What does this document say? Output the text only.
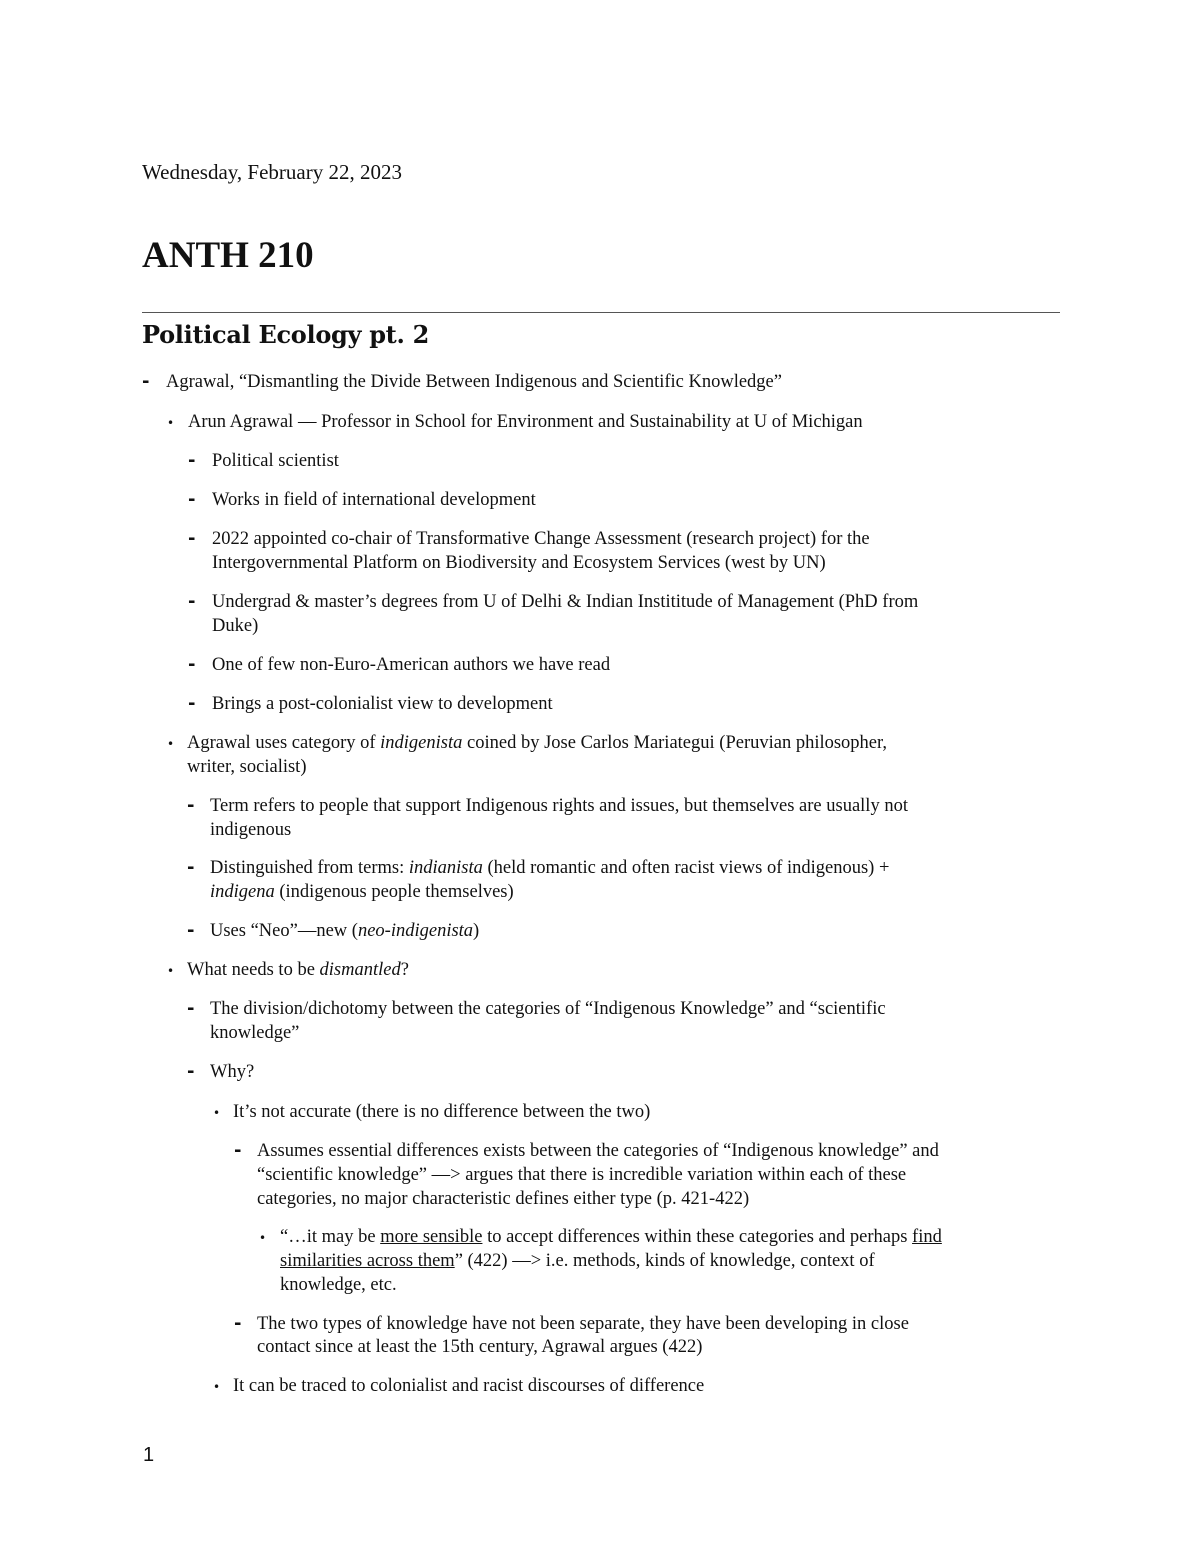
Wednesday, February 22, 2023
ANTH 210
Political Ecology pt. 2
- Agrawal, “Dismantling the Divide Between Indigenous and Scientific Knowledge”
• Arun Agrawal — Professor in School for Environment and Sustainability at U of Michigan
- Political scientist
- Works in field of international development
- 2022 appointed co-chair of Transformative Change Assessment (research project) for the
Intergovernmental Platform on Biodiversity and Ecosystem Services (west by UN)
- Undergrad & master’s degrees from U of Delhi & Indian Instititude of Management (PhD from
Duke)
- One of few non-Euro-American authors we have read
- Brings a post-colonialist view to development
• Agrawal uses category of indigenista coined by Jose Carlos Mariategui (Peruvian philosopher,
writer, socialist)
- Term refers to people that support Indigenous rights and issues, but themselves are usually not
indigenous
- Distinguished from terms: indianista (held romantic and often racist views of indigenous) +
indigena (indigenous people themselves)
- Uses “Neo”—new (neo-indigenista)
• What needs to be dismantled?
- The division/dichotomy between the categories of “Indigenous Knowledge” and “scientific
knowledge”
- Why?
• It’s not accurate (there is no difference between the two)
- Assumes essential differences exists between the categories of “Indigenous knowledge” and
“scientific knowledge” —> argues that there is incredible variation within each of these
categories, no major characteristic defines either type (p. 421-422)
• “…it may be more sensible to accept differences within these categories and perhaps find
similarities across them” (422) —> i.e. methods, kinds of knowledge, context of
knowledge, etc.
- The two types of knowledge have not been separate, they have been developing in close
contact since at least the 15th century, Agrawal argues (422)
• It can be traced to colonialist and racist discourses of difference
1
